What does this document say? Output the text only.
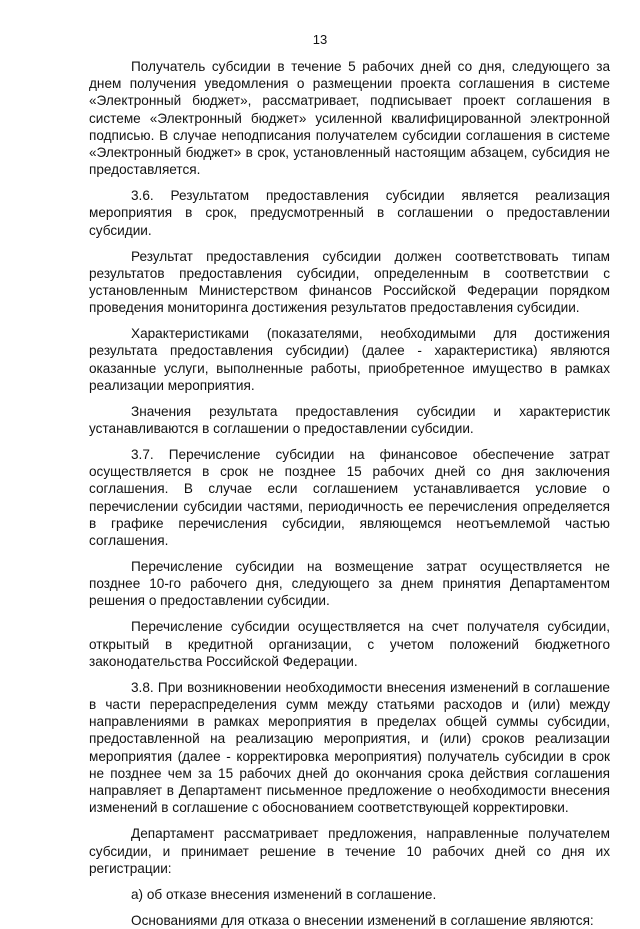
13

Получатель субсидии в течение 5 рабочих дней со дня, следующего за днем получения уведомления о размещении проекта соглашения в системе «Электронный бюджет», рассматривает, подписывает проект соглашения в системе «Электронный бюджет» усиленной квалифицированной электронной подписью. В случае неподписания получателем субсидии соглашения в системе «Электронный бюджет» в срок, установленный настоящим абзацем, субсидия не предоставляется.

3.6. Результатом предоставления субсидии является реализация мероприятия в срок, предусмотренный в соглашении о предоставлении субсидии.

Результат предоставления субсидии должен соответствовать типам результатов предоставления субсидии, определенным в соответствии с установленным Министерством финансов Российской Федерации порядком проведения мониторинга достижения результатов предоставления субсидии.

Характеристиками (показателями, необходимыми для достижения результата предоставления субсидии) (далее - характеристика) являются оказанные услуги, выполненные работы, приобретенное имущество в рамках реализации мероприятия.

Значения результата предоставления субсидии и характеристик устанавливаются в соглашении о предоставлении субсидии.

3.7. Перечисление субсидии на финансовое обеспечение затрат осуществляется в срок не позднее 15 рабочих дней со дня заключения соглашения. В случае если соглашением устанавливается условие о перечислении субсидии частями, периодичность ее перечисления определяется в графике перечисления субсидии, являющемся неотъемлемой частью соглашения.

Перечисление субсидии на возмещение затрат осуществляется не позднее 10-го рабочего дня, следующего за днем принятия Департаментом решения о предоставлении субсидии.

Перечисление субсидии осуществляется на счет получателя субсидии, открытый в кредитной организации, с учетом положений бюджетного законодательства Российской Федерации.

3.8. При возникновении необходимости внесения изменений в соглашение в части перераспределения сумм между статьями расходов и (или) между направлениями в рамках мероприятия в пределах общей суммы субсидии, предоставленной на реализацию мероприятия, и (или) сроков реализации мероприятия (далее - корректировка мероприятия) получатель субсидии в срок не позднее чем за 15 рабочих дней до окончания срока действия соглашения направляет в Департамент письменное предложение о необходимости внесения изменений в соглашение с обоснованием соответствующей корректировки.

Департамент рассматривает предложения, направленные получателем субсидии, и принимает решение в течение 10 рабочих дней со дня их регистрации:

а) об отказе внесения изменений в соглашение.

Основаниями для отказа о внесении изменений в соглашение являются:
